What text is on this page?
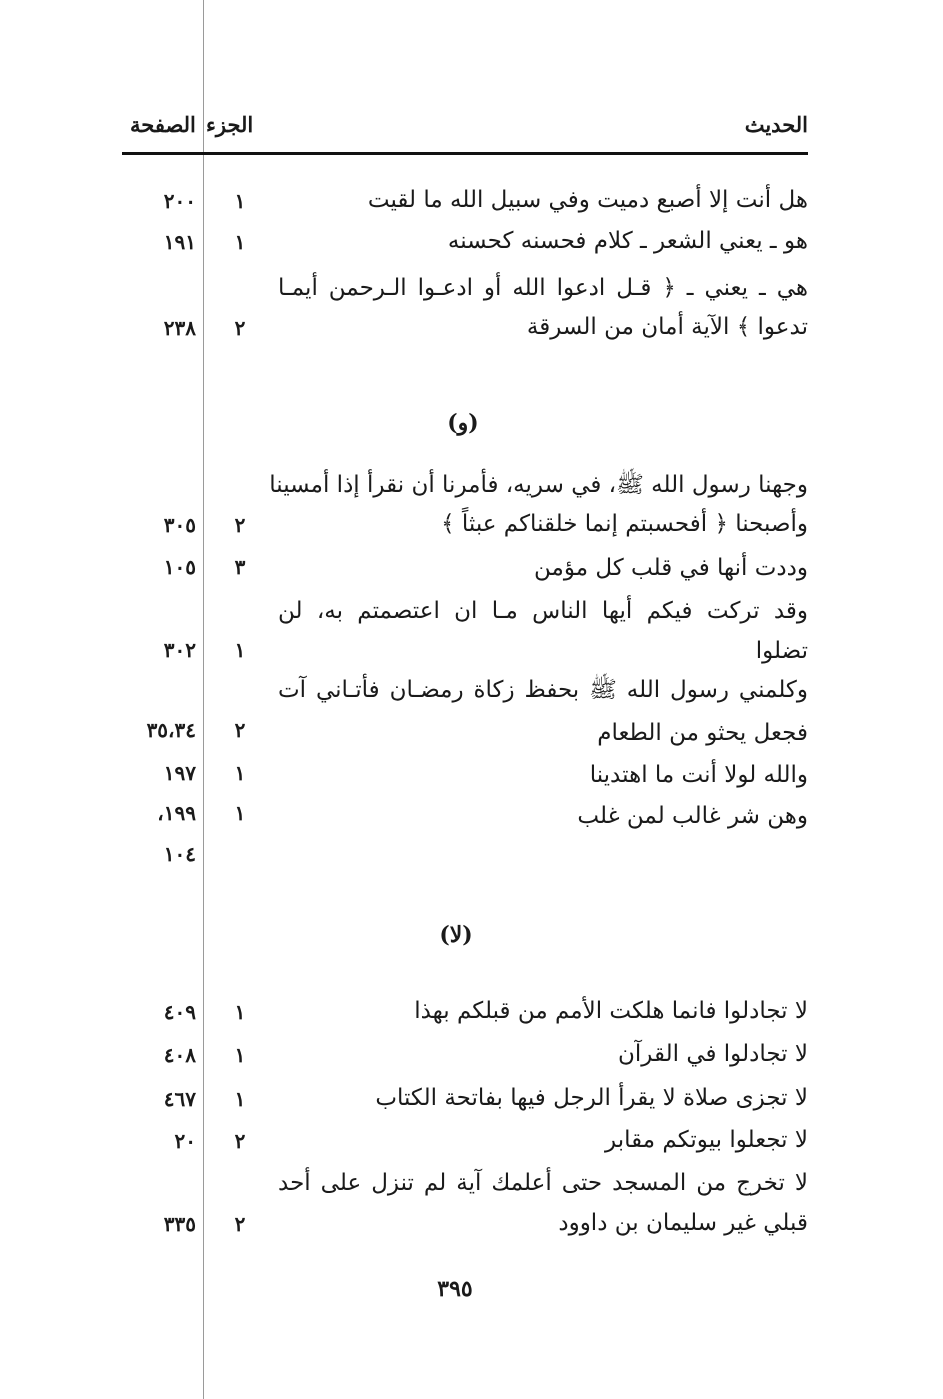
الصفحة الجزء	الحديث
هل أنت إلا أصبع دميت وفي سبيل الله ما لقيت
١
٢٠٠
هو ـ يعني الشعر ـ كلام فحسنه كحسنه
١
١٩١
هي ـ يعني ـ ﴿ قـل ادعوا الله أو ادعـوا الـرحمن أيمـا
تدعوا ﴾ الآية أمان من السرقة
٢
٢٣٨
(و)
وجهنا رسول الله ﷺ، في سريه، فأمرنا أن نقرأ إذا أمسينا
وأصبحنا ﴿ أفحسبتم إنما خلقناكم عبثاً ﴾
٢
٣٠٥
وددت أنها في قلب كل مؤمن
٣
١٠٥
وقد تركت فيكم أيها الناس مـا ان اعتصمتم به، لن
تضلوا
١
٣٠٢
وكلمني رسول الله ﷺ بحفظ زكاة رمضـان فأتـاني آت
فجعل يحثو من الطعام
٢
٣٥،٣٤
والله لولا أنت ما اهتدينا
١
١٩٧
وهن شر غالب لمن غلب
١
١٩٩،
١٠٤
(لا)
لا تجادلوا فانما هلكت الأمم من قبلكم بهذا
١
٤٠٩
لا تجادلوا في القرآن
١
٤٠٨
لا تجزى صلاة لا يقرأ الرجل فيها بفاتحة الكتاب
١
٤٦٧
لا تجعلوا بيوتكم مقابر
٢
٢٠
لا تخرج من المسجد حتى أعلمك آية لم تنزل على أحد
قبلي غير سليمان بن داوود
٢
٣٣٥
٣٩٥
